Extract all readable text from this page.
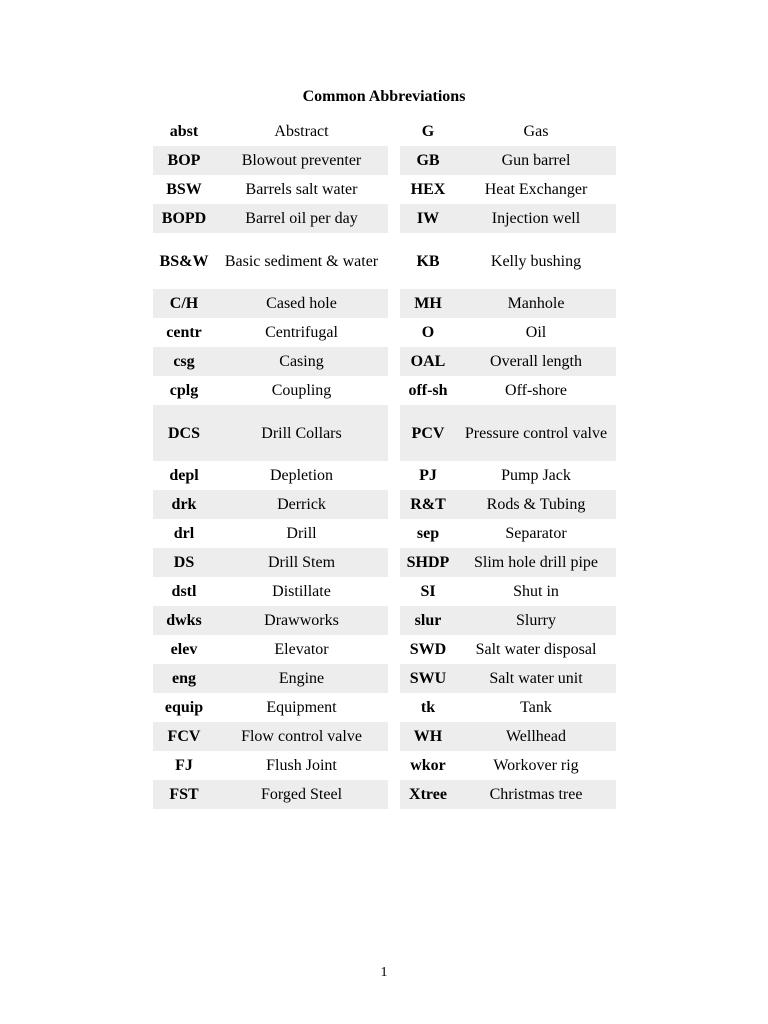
Common Abbreviations
abst	Abstract		G	Gas
BOP	Blowout preventer		GB	Gun barrel
BSW	Barrels salt water		HEX	Heat Exchanger
BOPD	Barrel oil per day		IW	Injection well
BS&W	Basic sediment & water		KB	Kelly bushing
C/H	Cased hole		MH	Manhole
centr	Centrifugal		O	Oil
csg	Casing		OAL	Overall length
cplg	Coupling		off-sh	Off-shore
DCS	Drill Collars		PCV	Pressure control valve
depl	Depletion		PJ	Pump Jack
drk	Derrick		R&T	Rods & Tubing
drl	Drill		sep	Separator
DS	Drill Stem		SHDP	Slim hole drill pipe
dstl	Distillate		SI	Shut in
dwks	Drawworks		slur	Slurry
elev	Elevator		SWD	Salt water disposal
eng	Engine		SWU	Salt water unit
equip	Equipment		tk	Tank
FCV	Flow control valve		WH	Wellhead
FJ	Flush Joint		wkor	Workover rig
FST	Forged Steel		Xtree	Christmas tree
1
